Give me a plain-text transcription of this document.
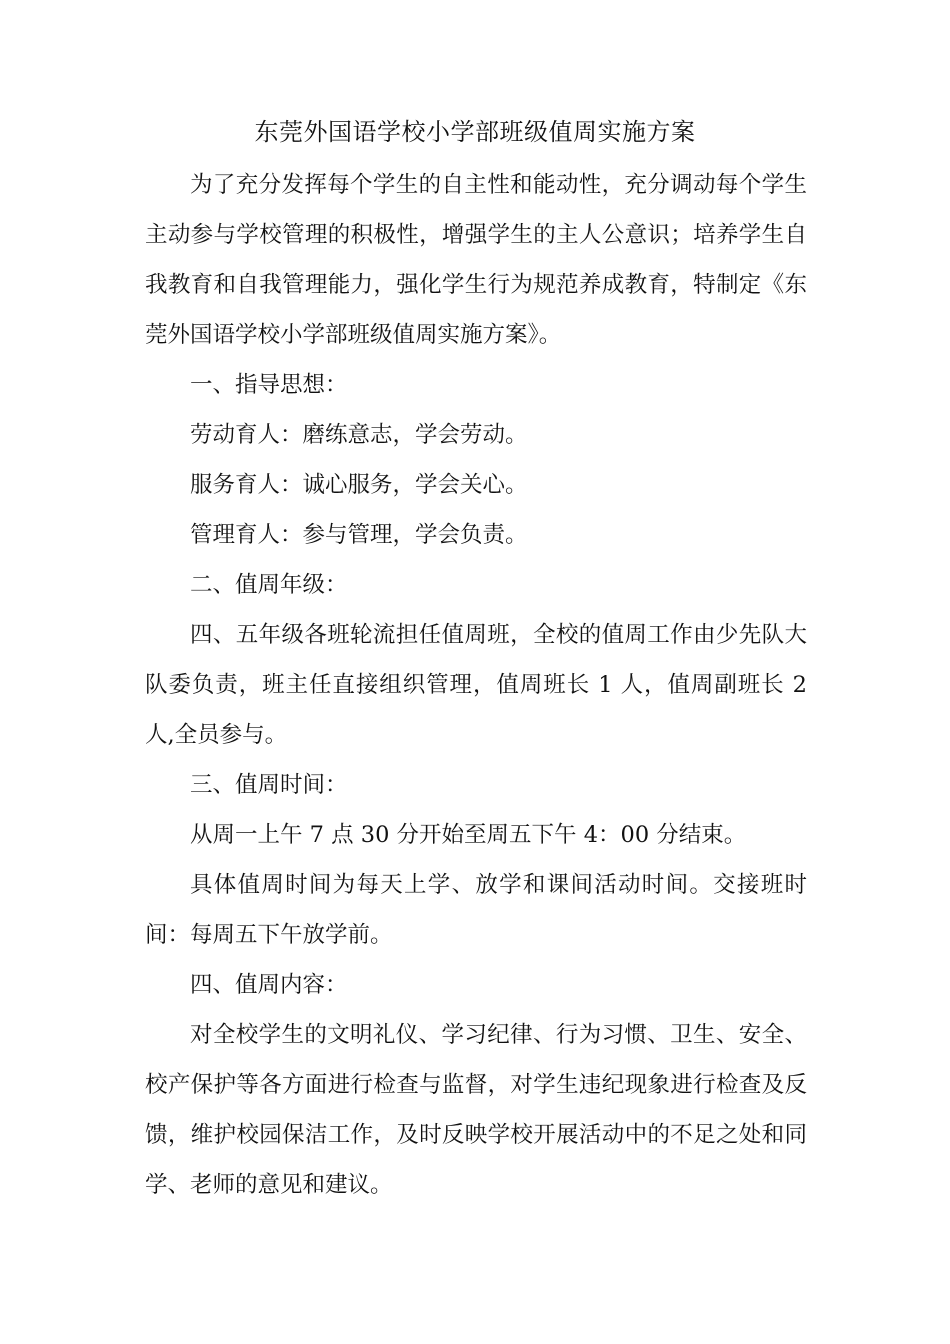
东莞外国语学校小学部班级值周实施方案

为了充分发挥每个学生的自主性和能动性，充分调动每个学生主动参与学校管理的积极性，增强学生的主人公意识；培养学生自我教育和自我管理能力，强化学生行为规范养成教育，特制定《东莞外国语学校小学部班级值周实施方案》。

一、指导思想：

劳动育人：磨练意志，学会劳动。

服务育人：诚心服务，学会关心。

管理育人：参与管理，学会负责。

二、值周年级：

四、五年级各班轮流担任值周班，全校的值周工作由少先队大队委负责，班主任直接组织管理，值周班长 1 人，值周副班长 2 人,全员参与。

三、值周时间：

从周一上午 7 点 30 分开始至周五下午 4：00 分结束。

具体值周时间为每天上学、放学和课间活动时间。交接班时间：每周五下午放学前。

四、值周内容：

对全校学生的文明礼仪、学习纪律、行为习惯、卫生、安全、校产保护等各方面进行检查与监督，对学生违纪现象进行检查及反馈，维护校园保洁工作，及时反映学校开展活动中的不足之处和同学、老师的意见和建议。
